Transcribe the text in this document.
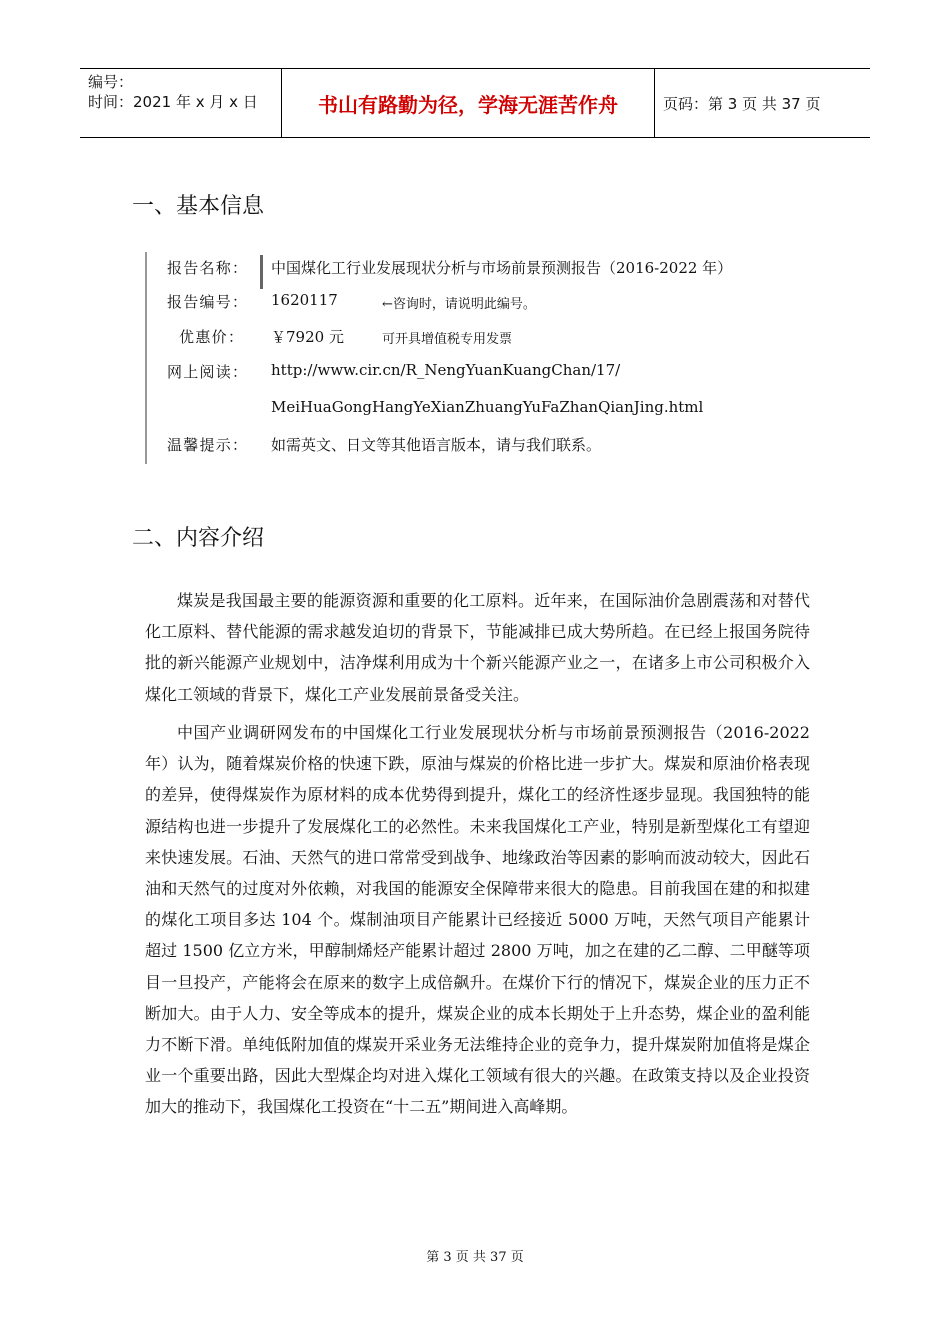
编号：
时间：2021 年 x 月 x 日	书山有路勤为径，学海无涯苦作舟	页码：第 3 页 共 37 页
一、基本信息
报告名称： 中国煤化工行业发展现状分析与市场前景预测报告（2016-2022 年）
报告编号： 1620117	←咨询时，请说明此编号。
优惠价： ￥7920 元	可开具增值税专用发票
网上阅读： http://www.cir.cn/R_NengYuanKuangChan/17/
MeiHuaGongHangYeXianZhuangYuFaZhanQianJing.html
温馨提示： 如需英文、日文等其他语言版本，请与我们联系。
二、内容介绍

煤炭是我国最主要的能源资源和重要的化工原料。近年来，在国际油价急剧震荡和对替代化工原料、替代能源的需求越发迫切的背景下，节能减排已成大势所趋。在已经上报国务院待批的新兴能源产业规划中，洁净煤利用成为十个新兴能源产业之一，在诸多上市公司积极介入煤化工领域的背景下，煤化工产业发展前景备受关注。

中国产业调研网发布的中国煤化工行业发展现状分析与市场前景预测报告（2016-2022 年）认为，随着煤炭价格的快速下跌，原油与煤炭的价格比进一步扩大。煤炭和原油价格表现的差异，使得煤炭作为原材料的成本优势得到提升，煤化工的经济性逐步显现。我国独特的能源结构也进一步提升了发展煤化工的必然性。未来我国煤化工产业，特别是新型煤化工有望迎来快速发展。石油、天然气的进口常常受到战争、地缘政治等因素的影响而波动较大，因此石油和天然气的过度对外依赖，对我国的能源安全保障带来很大的隐患。目前我国在建的和拟建的煤化工项目多达 104 个。煤制油项目产能累计已经接近 5000 万吨，天然气项目产能累计超过 1500 亿立方米，甲醇制烯烃产能累计超过 2800 万吨，加之在建的乙二醇、二甲醚等项目一旦投产，产能将会在原来的数字上成倍飙升。在煤价下行的情况下，煤炭企业的压力正不断加大。由于人力、安全等成本的提升，煤炭企业的成本长期处于上升态势，煤企业的盈利能力不断下滑。单纯低附加值的煤炭开采业务无法维持企业的竞争力，提升煤炭附加值将是煤企业一个重要出路，因此大型煤企均对进入煤化工领域有很大的兴趣。在政策支持以及企业投资加大的推动下，我国煤化工投资在“十二五”期间进入高峰期。

第 3 页 共 37 页
